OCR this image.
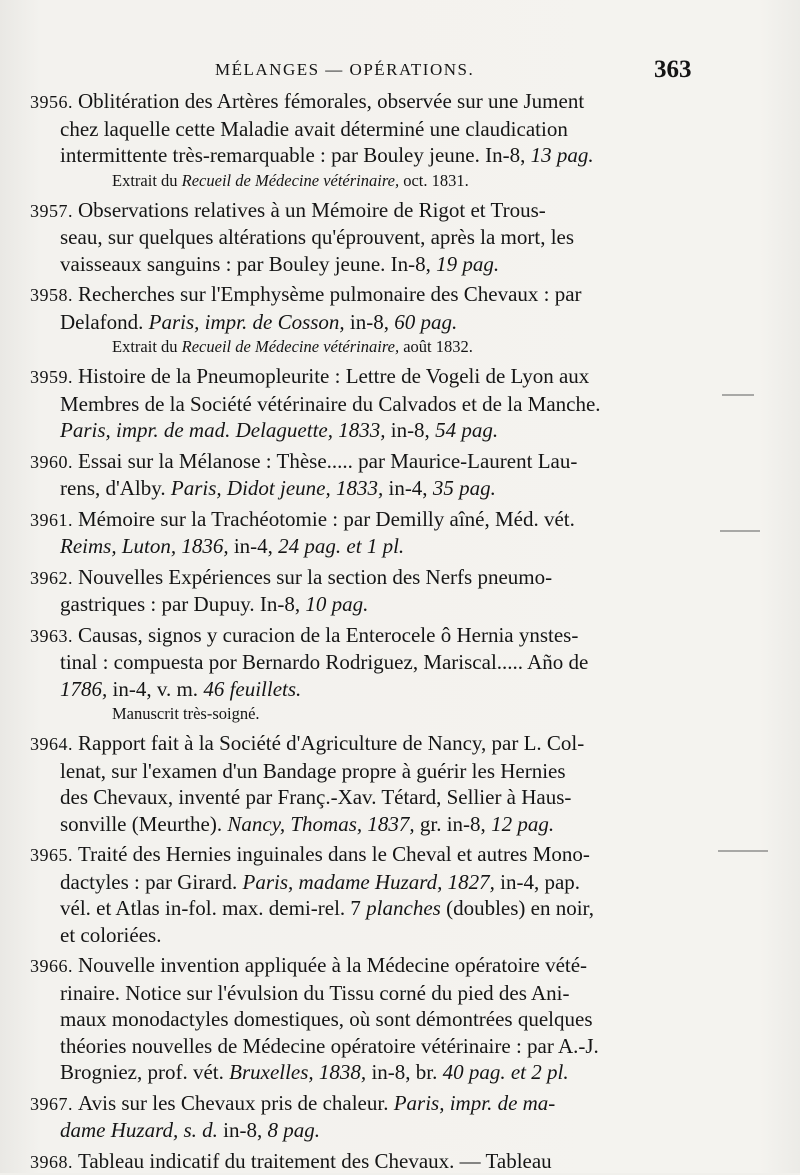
MÉLANGES — OPÉRATIONS.	363
3956. Oblitération des Artères fémorales, observée sur une Jument
chez laquelle cette Maladie avait déterminé une claudication
intermittente très-remarquable : par Bouley jeune. In-8, 13 pag.
Extrait du Recueil de Médecine vétérinaire, oct. 1831.
3957. Observations relatives à un Mémoire de Rigot et Trous-
seau, sur quelques altérations qu'éprouvent, après la mort, les
vaisseaux sanguins : par Bouley jeune. In-8, 19 pag.
3958. Recherches sur l'Emphysème pulmonaire des Chevaux : par
Delafond. Paris, impr. de Cosson, in-8, 60 pag.
Extrait du Recueil de Médecine vétérinaire, août 1832.
3959. Histoire de la Pneumopleurite : Lettre de Vogeli de Lyon aux
Membres de la Société vétérinaire du Calvados et de la Manche.
Paris, impr. de mad. Delaguette, 1833, in-8, 54 pag.
3960. Essai sur la Mélanose : Thèse..... par Maurice-Laurent Lau-
rens, d'Alby. Paris, Didot jeune, 1833, in-4, 35 pag.
3961. Mémoire sur la Trachéotomie : par Demilly aîné, Méd. vét.
Reims, Luton, 1836, in-4, 24 pag. et 1 pl.
3962. Nouvelles Expériences sur la section des Nerfs pneumo-
gastriques : par Dupuy. In-8, 10 pag.
3963. Causas, signos y curacion de la Enterocele ô Hernia ynstes-
tinal : compuesta por Bernardo Rodriguez, Mariscal..... Año de
1786, in-4, v. m. 46 feuillets.
Manuscrit très-soigné.
3964. Rapport fait à la Société d'Agriculture de Nancy, par L. Col-
lenat, sur l'examen d'un Bandage propre à guérir les Hernies
des Chevaux, inventé par Franç.-Xav. Tétard, Sellier à Haus-
sonville (Meurthe). Nancy, Thomas, 1837, gr. in-8, 12 pag.
3965. Traité des Hernies inguinales dans le Cheval et autres Mono-
dactyles : par Girard. Paris, madame Huzard, 1827, in-4, pap.
vél. et Atlas in-fol. max. demi-rel. 7 planches (doubles) en noir,
et coloriées.
3966. Nouvelle invention appliquée à la Médecine opératoire vété-
rinaire. Notice sur l'évulsion du Tissu corné du pied des Ani-
maux monodactyles domestiques, où sont démontrées quelques
théories nouvelles de Médecine opératoire vétérinaire : par A.-J.
Brogniez, prof. vét. Bruxelles, 1838, in-8, br. 40 pag. et 2 pl.
3967. Avis sur les Chevaux pris de chaleur. Paris, impr. de ma-
dame Huzard, s. d. in-8, 8 pag.
3968. Tableau indicatif du traitement des Chevaux. — Tableau
